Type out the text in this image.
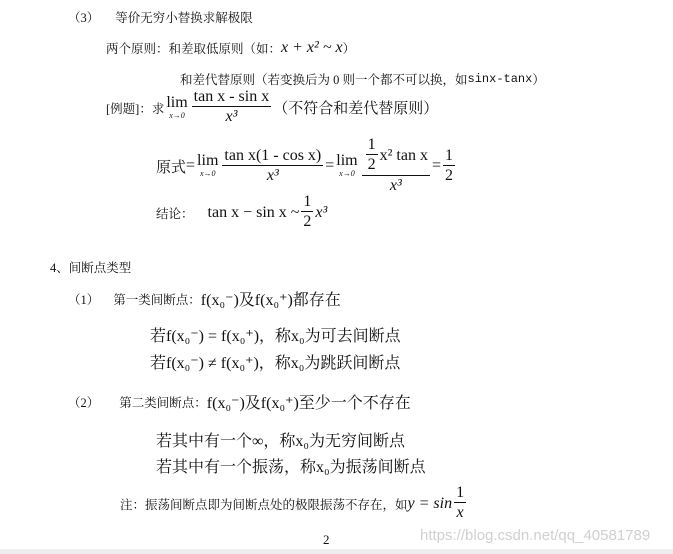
（3） 等价无穷小替换求解极限
两个原则：和差取低原则（如： x + x² ~ x ）
和差代替原则（若变换后为 0 则一个都不可以换，如 sinx-tanx ）
[例题]：求 lim
$x\to 0 \frac{\text{tan x - sin x}}{\text{x³}}$ （不符合和差代替原则）
原式 = lim
$x\to 0 \frac{\text{tan x(1 - cos x)}}{\text{x³}} = \lim$
$x\to 0 \frac{\frac{1}{2} x^2 \tan x}{\text{x³}} = \frac{1}{2}$
结论： tan x − sin x ~ $\frac{1}{2} x^3$
4、间断点类型
（1） 第一类间断点： f(x₀⁻)及f(x₀⁺)都存在
若f(x₀⁻) = f(x₀⁺)，称x₀为可去间断点
若f(x₀⁻) ≠ f(x₀⁺)，称x₀为跳跃间断点
（2） 第二类间断点： f(x₀⁻)及f(x₀⁺)至少一个不存在
若其中有一个∞，称x₀为无穷间断点
若其中有一个振荡，称x₀为振荡间断点
注：振荡间断点即为间断点处的极限振荡不存在，如 $y = \sin \frac{1}{x}$
2	https://blog.csdn.net/qq_40581789
